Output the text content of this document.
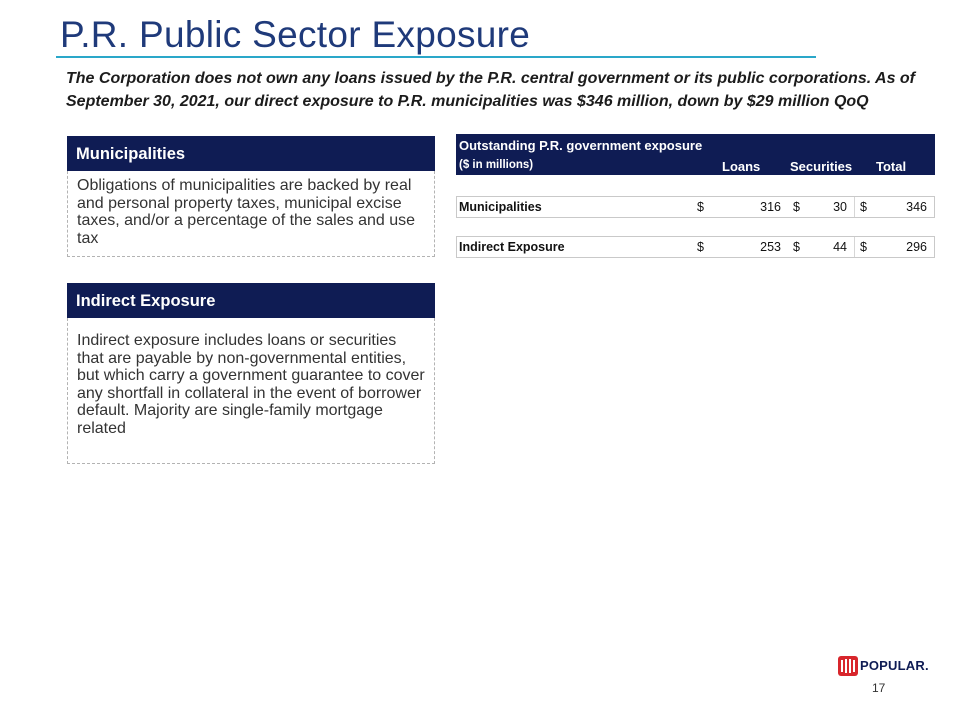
P.R. Public Sector Exposure
The Corporation does not own any loans issued by the P.R. central government or its public corporations. As of September 30, 2021, our direct exposure to P.R. municipalities was $346 million, down by $29 million QoQ
Municipalities
Obligations of municipalities are backed by real and personal property taxes, municipal excise taxes, and/or a percentage of the sales and use tax
Indirect Exposure
Indirect exposure includes loans or securities that are payable by non-governmental entities, but which carry a government guarantee to cover any shortfall in collateral in the event of borrower default. Majority are single-family mortgage related
Outstanding P.R. government exposure
($ in millions)	Loans Securities Total
Municipalities	$	316 $	30 $	346
Indirect Exposure	$	253 $	44 $	296
POPULAR.
17
